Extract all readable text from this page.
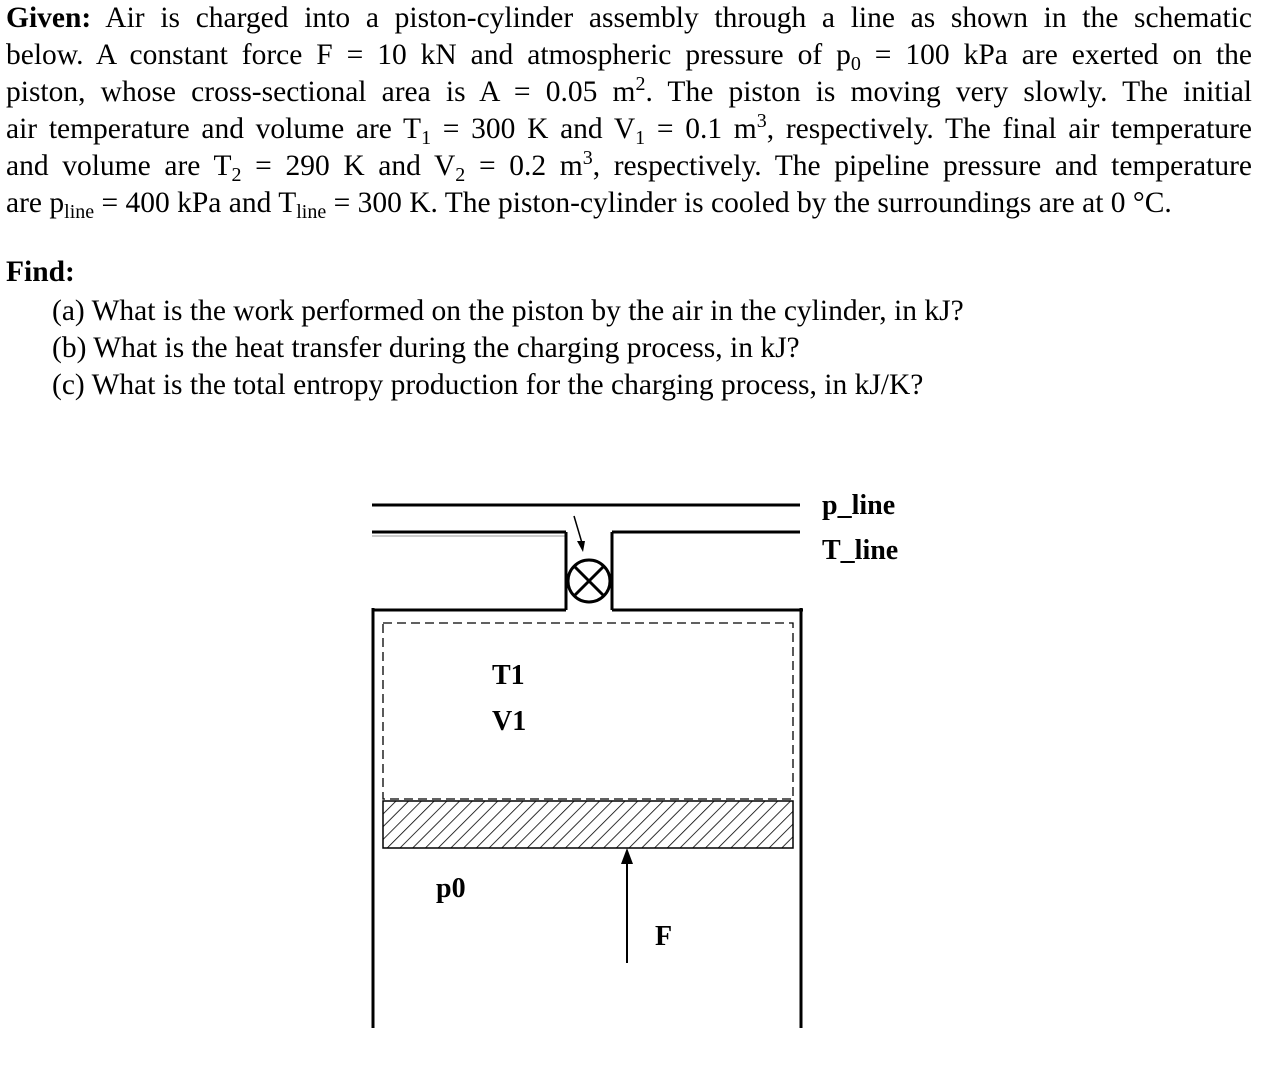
Given: Air is charged into a piston-cylinder assembly through a line as shown in the schematic

below. A constant force F = 10 kN and atmospheric pressure of $p_0 = 100$ kPa are exerted on the

piston, whose cross-sectional area is A = 0.05 $m^2$. The piston is moving very slowly. The initial

air temperature and volume are $T_1 = 300$ K and $V_1 = 0.1$ $m^3$, respectively. The final air temperature

and volume are $T_2 = 290$ K and $V_2 = 0.2$ $m^3$, respectively. The pipeline pressure and temperature

are $p_{line} = 400$ kPa and $T_{line} = 300$ K. The piston-cylinder is cooled by the surroundings are at 0 °C.

Find:
(a) What is the work performed on the piston by the air in the cylinder, in kJ?
(b) What is the heat transfer during the charging process, in kJ?
(c) What is the total entropy production for the charging process, in kJ/K?
T1
V1
p0
F
p_line
T_line
